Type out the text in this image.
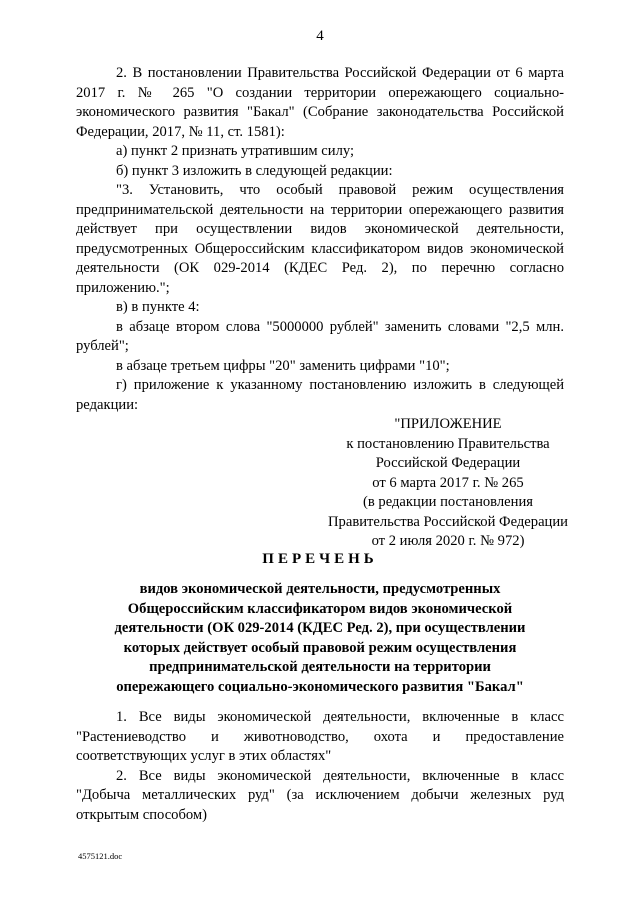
4

2. В постановлении Правительства Российской Федерации от 6 марта 2017 г. № 265 "О создании территории опережающего социально-экономического развития "Бакал" (Собрание законодательства Российской Федерации, 2017, № 11, ст. 1581):

а) пункт 2 признать утратившим силу;

б) пункт 3 изложить в следующей редакции:

"3. Установить, что особый правовой режим осуществления предпринимательской деятельности на территории опережающего развития действует при осуществлении видов экономической деятельности, предусмотренных Общероссийским классификатором видов экономической деятельности (ОК 029-2014 (КДЕС Ред. 2), по перечню согласно приложению.";

в) в пункте 4:

в абзаце втором слова "5000000 рублей" заменить словами "2,5 млн. рублей";

в абзаце третьем цифры "20" заменить цифрами "10";

г) приложение к указанному постановлению изложить в следующей редакции:

"ПРИЛОЖЕНИЕ
к постановлению Правительства
Российской Федерации
от 6 марта 2017 г. № 265
(в редакции постановления
Правительства Российской Федерации
от 2 июля 2020 г. № 972)
ПЕРЕЧЕНЬ
видов экономической деятельности, предусмотренных Общероссийским классификатором видов экономической деятельности (ОК 029-2014 (КДЕС Ред. 2), при осуществлении которых действует особый правовой режим осуществления предпринимательской деятельности на территории опережающего социально-экономического развития "Бакал"

1. Все виды экономической деятельности, включенные в класс "Растениеводство и животноводство, охота и предоставление соответствующих услуг в этих областях"

2. Все виды экономической деятельности, включенные в класс "Добыча металлических руд" (за исключением добычи железных руд открытым способом)

4575121.doc
